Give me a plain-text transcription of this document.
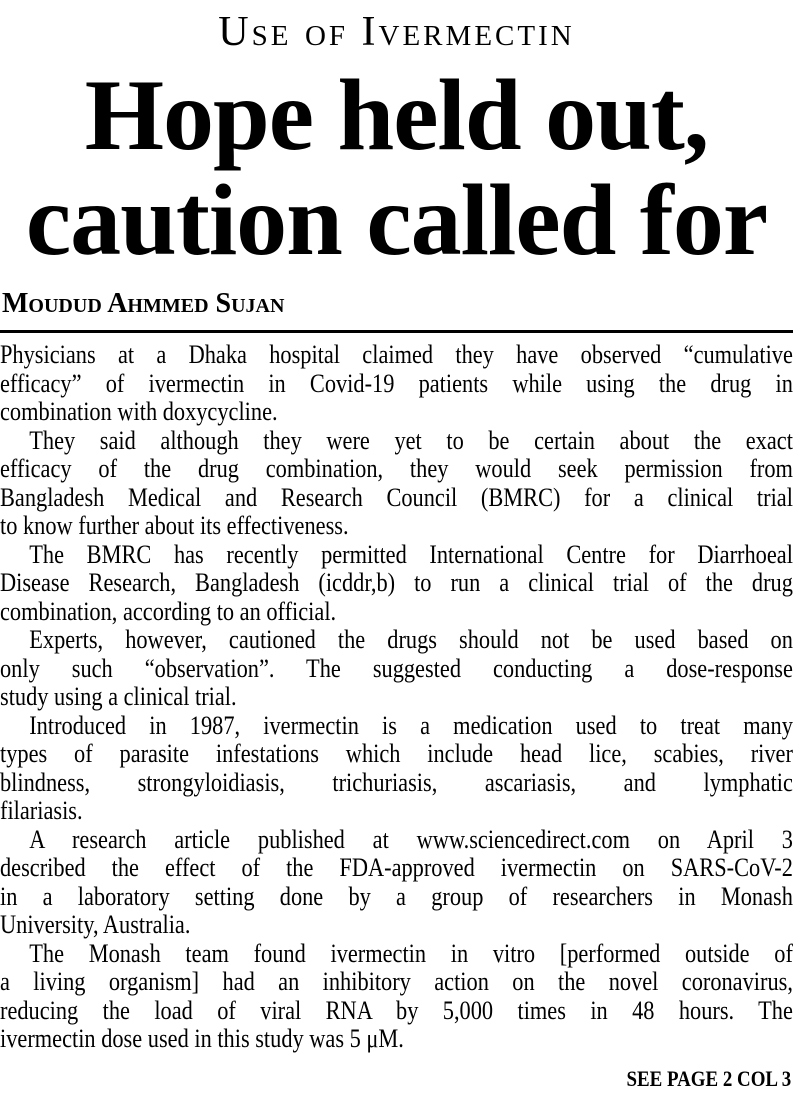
Use of Ivermectin
Hope held out,
caution called for
Moudud Ahmmed Sujan
Physicians at a Dhaka hospital claimed they have observed “cumulative
efficacy” of ivermectin in Covid-19 patients while using the drug in
combination with doxycycline.
They said although they were yet to be certain about the exact
efficacy of the drug combination, they would seek permission from
Bangladesh Medical and Research Council (BMRC) for a clinical trial
to know further about its effectiveness.
The BMRC has recently permitted International Centre for Diarrhoeal
Disease Research, Bangladesh (icddr,b) to run a clinical trial of the drug
combination, according to an official.
Experts, however, cautioned the drugs should not be used based on
only such “observation”. The suggested conducting a dose-response
study using a clinical trial.
Introduced in 1987, ivermectin is a medication used to treat many
types of parasite infestations which include head lice, scabies, river
blindness, strongyloidiasis, trichuriasis, ascariasis, and lymphatic
filariasis.
A research article published at www.sciencedirect.com on April 3
described the effect of the FDA-approved ivermectin on SARS-CoV-2
in a laboratory setting done by a group of researchers in Monash
University, Australia.
The Monash team found ivermectin in vitro [performed outside of
a living organism] had an inhibitory action on the novel coronavirus,
reducing the load of viral RNA by 5,000 times in 48 hours. The
ivermectin dose used in this study was 5 μM.
SEE PAGE 2 COL 3
